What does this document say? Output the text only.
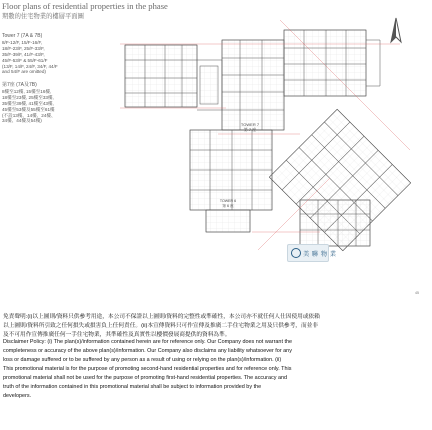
Floor plans of residential properties in the phase
期數的住宅物業的樓層平面圖
Tower 7 (7A & 7B)
8/F-12/F, 15/F-16/F,
18/F-23/F, 25/F-33/F,
35/F-39/F, 41/F-43/F,
45/F-53/F & 55/F-61/F
(13/F, 14/F, 24/F, 34/F, 44/F
and 54/F are omitted)
第7座 (7A及7B)
8樓至12樓, 15樓至16樓,
18樓至23樓, 25樓至33樓,
35樓至39樓, 41樓至43樓,
45樓至53樓及55樓至61樓
(不設13樓、14樓、24樓、
34樓、44樓及54樓)
TOWER 7
第 7 座
TOWER 6
第 6 座
美 聯 物 業
45
免責聲明:(i)以上圖則/資料只供參考用途，本公司不保證以上圖則/資料的完整性或準確性，本公司亦不就任何人仕因使用或依賴
以上圖則/資料所引致之任何損失或損害負上任何責任。(ii)本宣傳資料只可作宣傳及推廣二手住宅物業之用及只供參考，而並非
及不可用作宣傳推廣任何一手住宅物業，其準確性及真實性以樓價發展商提供的資料為準。
Disclaimer Policy: (i) The plan(s)/information contained herein are for reference only. Our Company does not warrant the
completeness or accuracy of the above plan(s)/information. Our Company also disclaims any liability whatsoever for any
loss or damage suffered or to be suffered by any person as a result of using or relying on the plan(s)/information. (ii)
This promotional material is for the purpose of promoting second-hand residential properties and for reference only. This
promotional material shall not be used for the purpose of promoting first-hand residential properties. The accuracy and
truth of the information contained in this promotional material shall be subject to information provided by the
developers.
